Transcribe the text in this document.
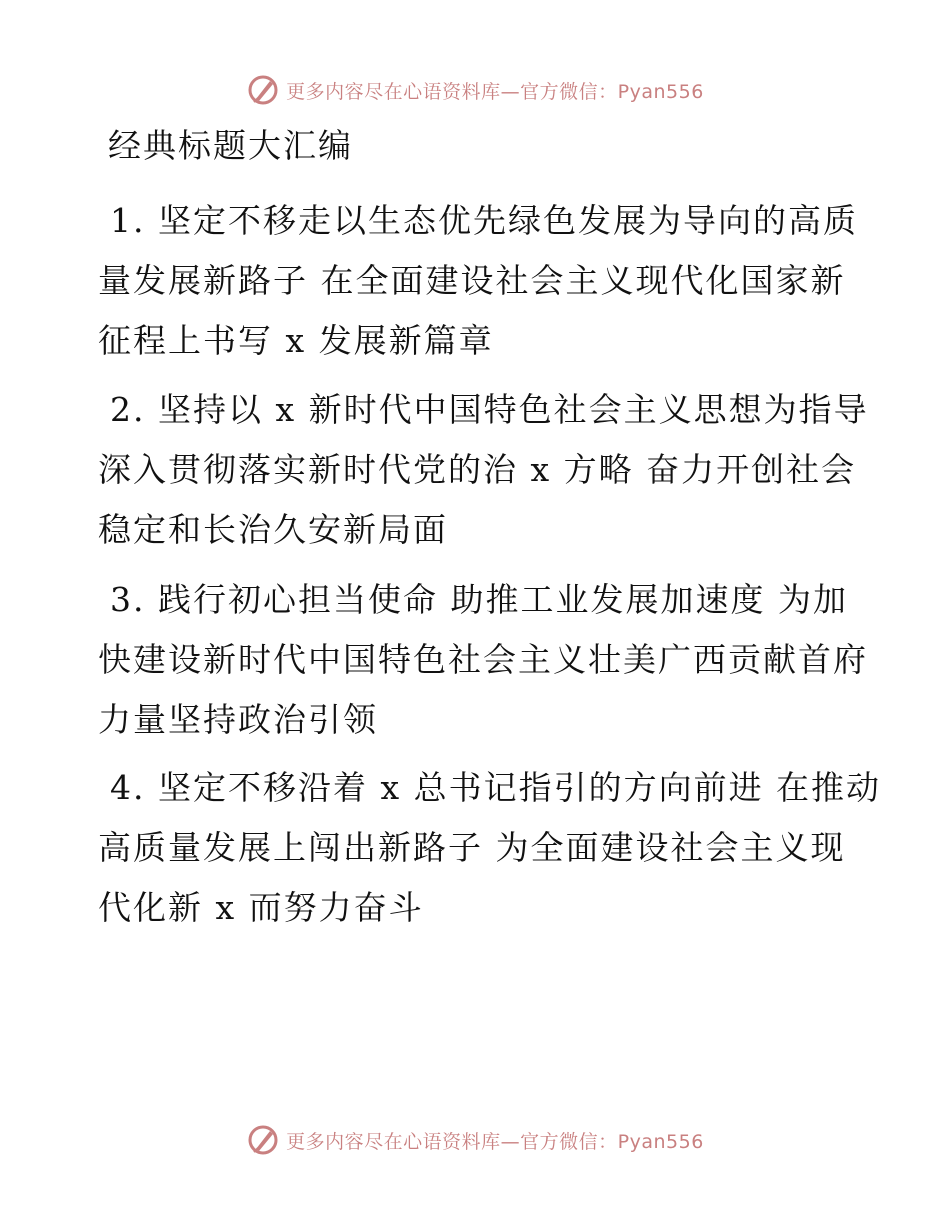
更多内容尽在心语资料库—官方微信：Pyan556
经典标题大汇编
1. 坚定不移走以生态优先绿色发展为导向的高质
量发展新路子 在全面建设社会主义现代化国家新
征程上书写 x 发展新篇章
2. 坚持以 x 新时代中国特色社会主义思想为指导
深入贯彻落实新时代党的治 x 方略 奋力开创社会
稳定和长治久安新局面
3. 践行初心担当使命 助推工业发展加速度 为加
快建设新时代中国特色社会主义壮美广西贡献首府
力量坚持政治引领
4. 坚定不移沿着 x 总书记指引的方向前进 在推动
高质量发展上闯出新路子 为全面建设社会主义现
代化新 x 而努力奋斗
更多内容尽在心语资料库—官方微信：Pyan556
